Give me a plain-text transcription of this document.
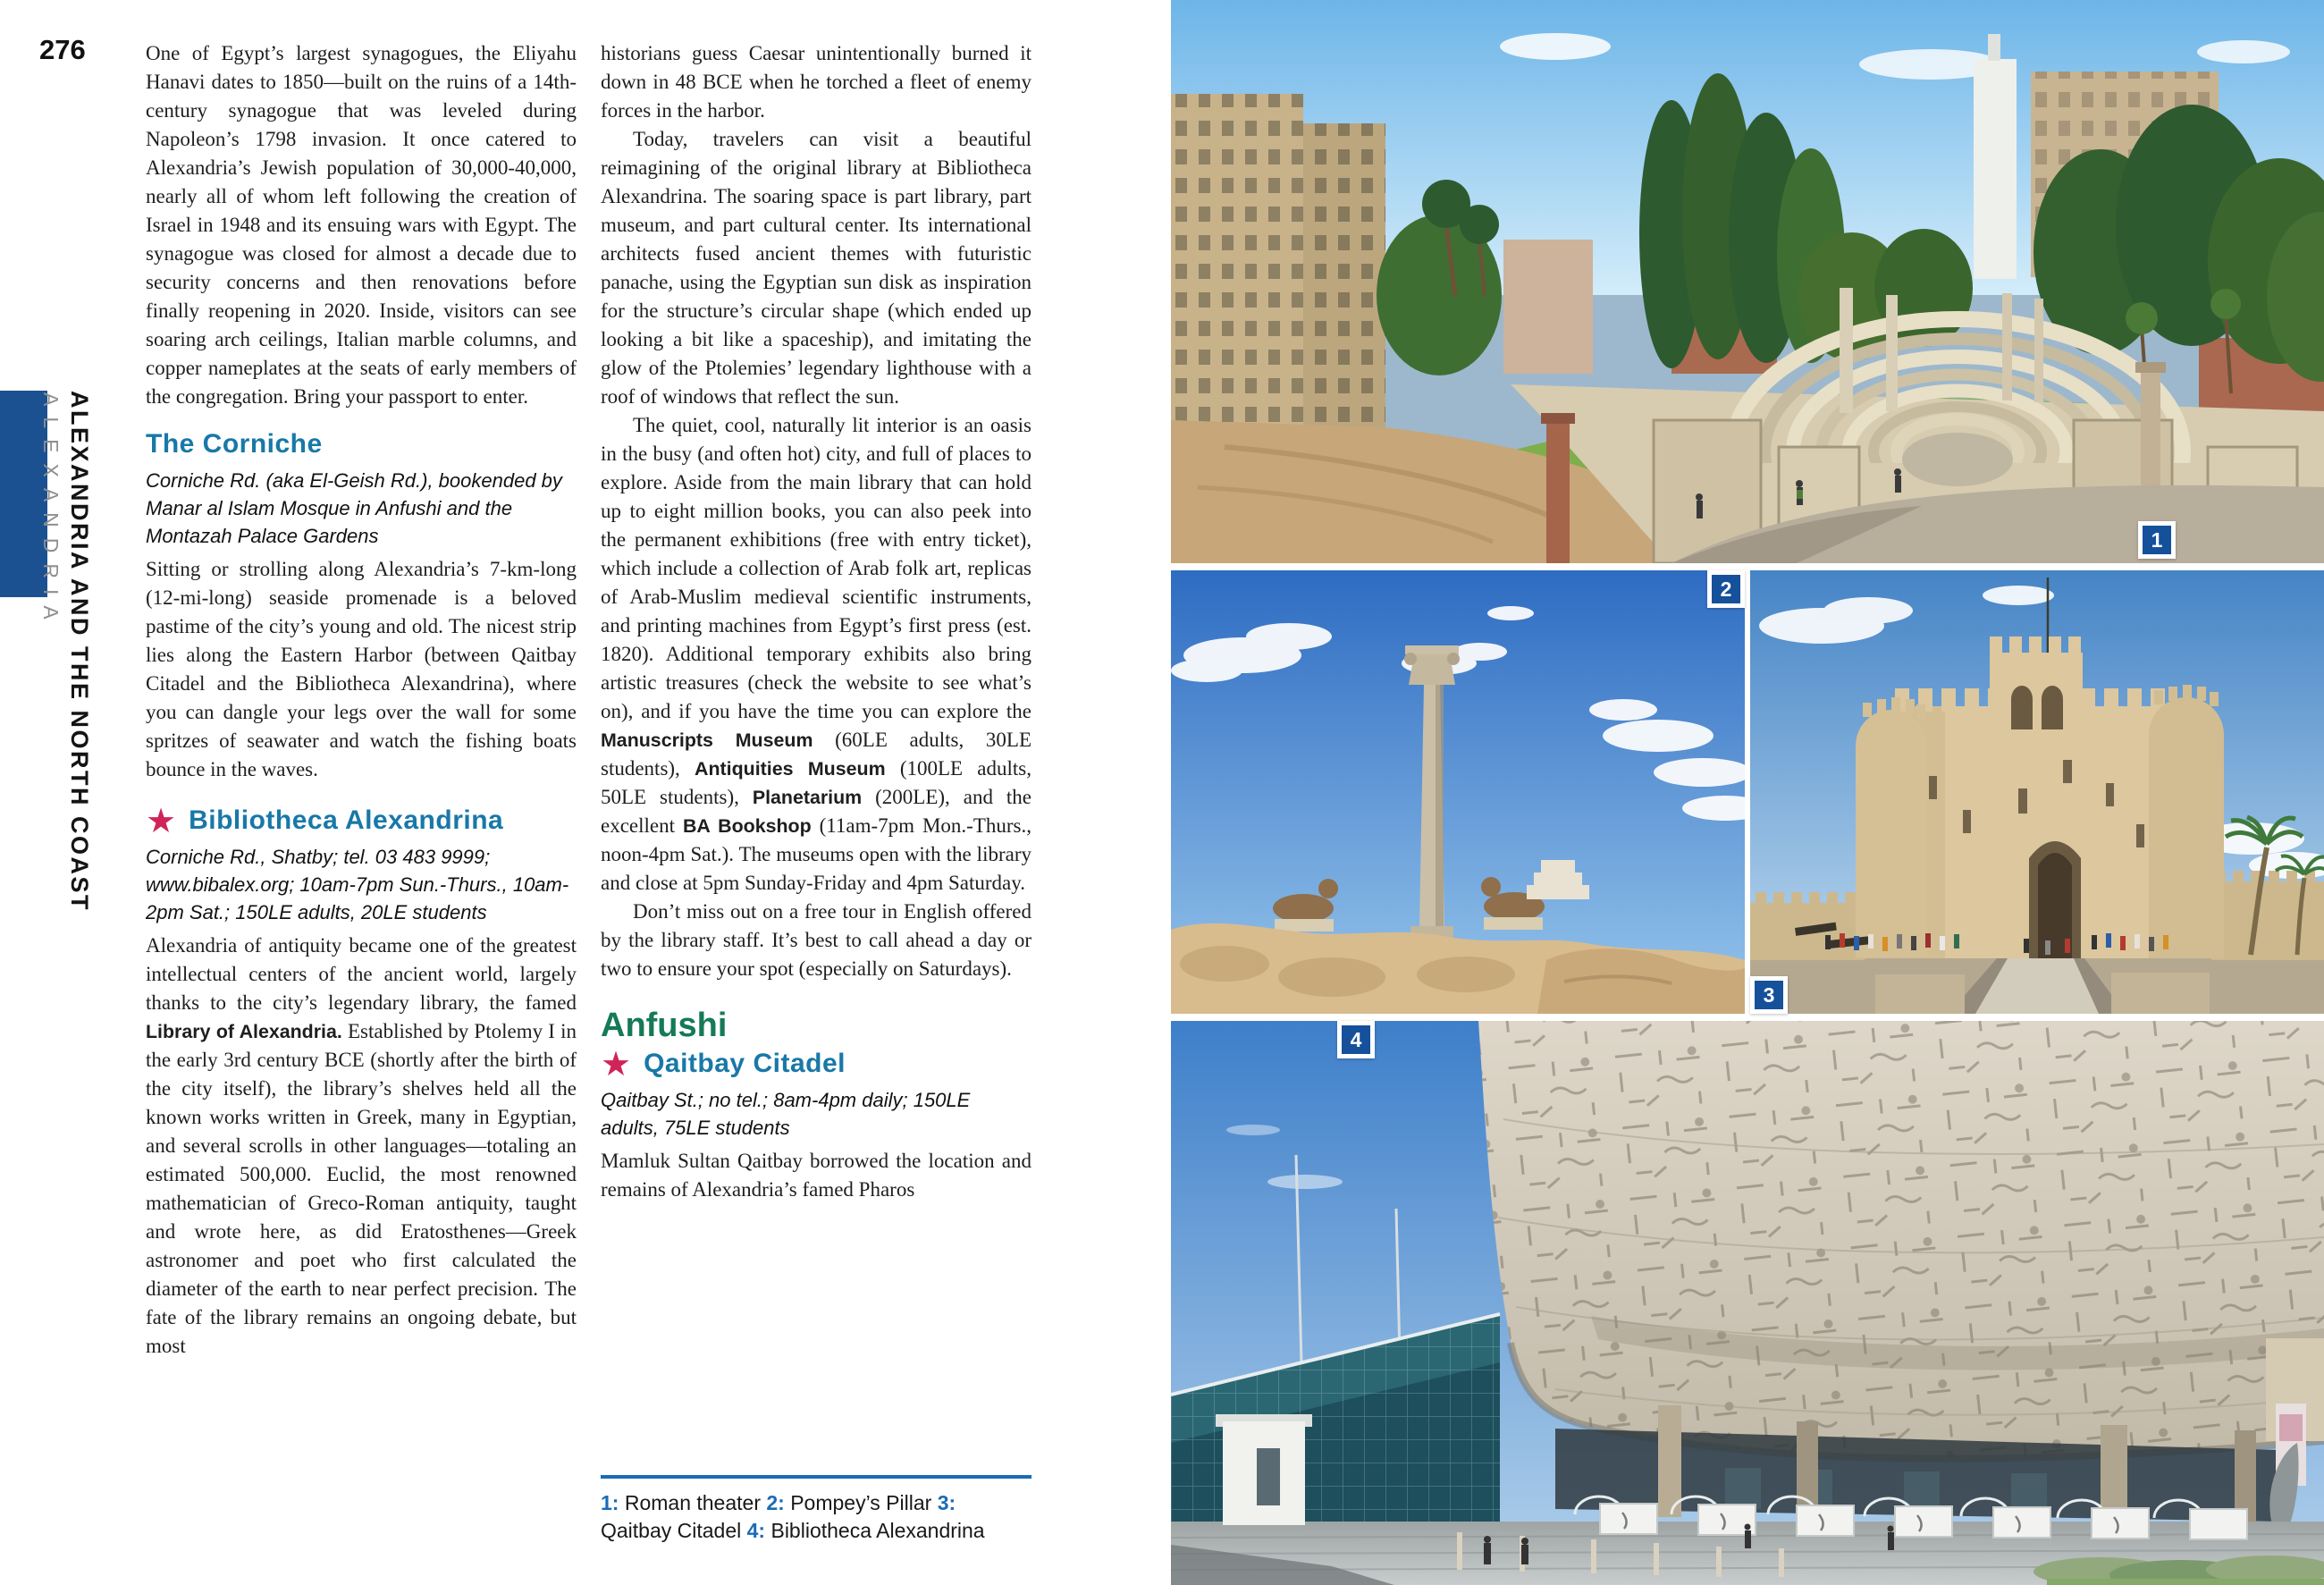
276
ALEXANDRIA AND THE NORTH COAST
ALEXANDRIA

One of Egypt’s largest synagogues, the Eliyahu Hanavi dates to 1850—built on the ruins of a 14th-century synagogue that was leveled during Napoleon’s 1798 invasion. It once catered to Alexandria’s Jewish population of 30,000-40,000, nearly all of whom left following the creation of Israel in 1948 and its ensuing wars with Egypt. The synagogue was closed for almost a decade due to security concerns and then renovations before finally reopening in 2020. Inside, visitors can see soaring arch ceilings, Italian marble columns, and copper nameplates at the seats of early members of the congregation. Bring your passport to enter.

The Corniche

Corniche Rd. (aka El-Geish Rd.), bookended by Manar al Islam Mosque in Anfushi and the Montazah Palace Gardens

Sitting or strolling along Alexandria’s 7-km-long (12-mi-long) seaside promenade is a beloved pastime of the city’s young and old. The nicest strip lies along the Eastern Harbor (between Qaitbay Citadel and the Bibliotheca Alexandrina), where you can dangle your legs over the wall for some spritzes of seawater and watch the fishing boats bounce in the waves.

★ Bibliotheca Alexandrina

Corniche Rd., Shatby; tel. 03 483 9999; www.bibalex.org; 10am-7pm Sun.-Thurs., 10am-2pm Sat.; 150LE adults, 20LE students

Alexandria of antiquity became one of the greatest intellectual centers of the ancient world, largely thanks to the city’s legendary library, the famed Library of Alexandria. Established by Ptolemy I in the early 3rd century BCE (shortly after the birth of the city itself), the library’s shelves held all the known works written in Greek, many in Egyptian, and several scrolls in other languages—totaling an estimated 500,000. Euclid, the most renowned mathematician of Greco-Roman antiquity, taught and wrote here, as did Eratosthenes—Greek astronomer and poet who first calculated the diameter of the earth to near perfect precision. The fate of the library remains an ongoing debate, but most

historians guess Caesar unintentionally burned it down in 48 BCE when he torched a fleet of enemy forces in the harbor.

Today, travelers can visit a beautiful reimagining of the original library at Bibliotheca Alexandrina. The soaring space is part library, part museum, and part cultural center. Its international architects fused ancient themes with futuristic panache, using the Egyptian sun disk as inspiration for the structure’s circular shape (which ended up looking a bit like a spaceship), and imitating the glow of the Ptolemies’ legendary lighthouse with a roof of windows that reflect the sun.

The quiet, cool, naturally lit interior is an oasis in the busy (and often hot) city, and full of places to explore. Aside from the main library that can hold up to eight million books, you can also peek into the permanent exhibitions (free with entry ticket), which include a collection of Arab folk art, replicas of Arab-Muslim medieval scientific instruments, and printing machines from Egypt’s first press (est. 1820). Additional temporary exhibits also bring artistic treasures (check the website to see what’s on), and if you have the time you can explore the Manuscripts Museum (60LE adults, 30LE students), Antiquities Museum (100LE adults, 50LE students), Planetarium (200LE), and the excellent BA Bookshop (11am-7pm Mon.-Thurs., noon-4pm Sat.). The museums open with the library and close at 5pm Sunday-Friday and 4pm Saturday.

Don’t miss out on a free tour in English offered by the library staff. It’s best to call ahead a day or two to ensure your spot (especially on Saturdays).

Anfushi
★ Qaitbay Citadel

Qaitbay St.; no tel.; 8am-4pm daily; 150LE adults, 75LE students

Mamluk Sultan Qaitbay borrowed the location and remains of Alexandria’s famed Pharos

1: Roman theater 2: Pompey’s Pillar 3: Qaitbay Citadel 4: Bibliotheca Alexandrina
1
2
3
4
